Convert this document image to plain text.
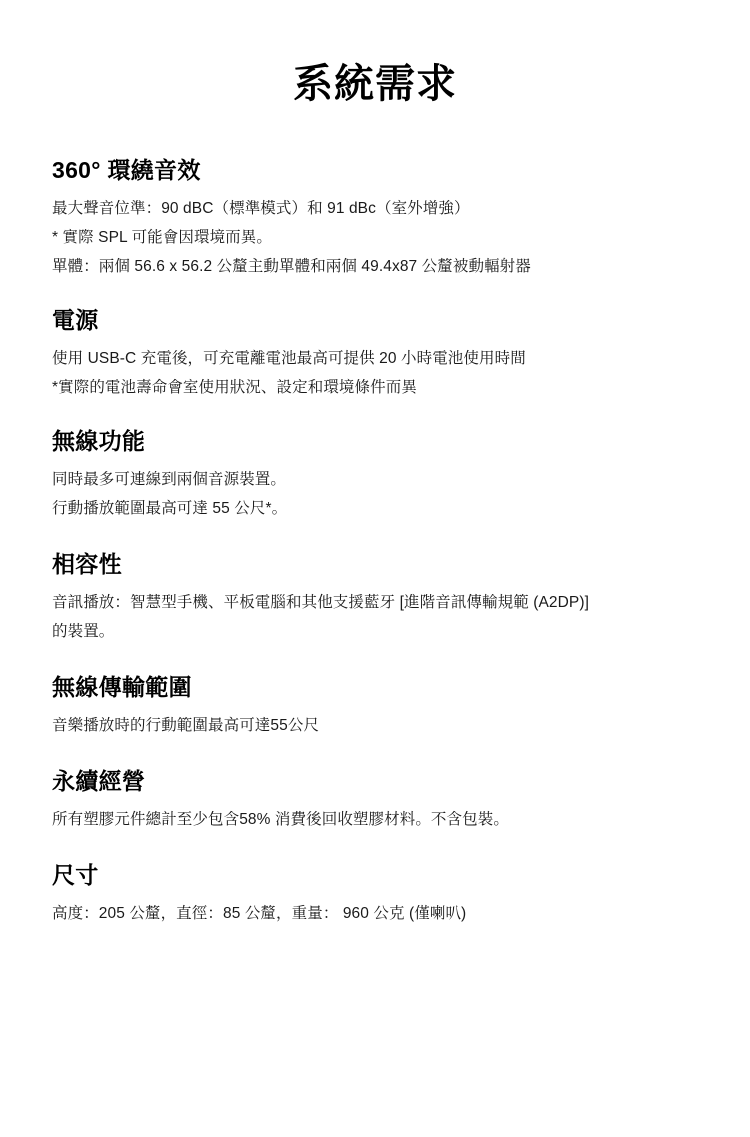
系統需求
360° 環繞音效

最大聲音位準：90 dBC（標準模式）和 91 dBc（室外增強）

* 實際 SPL 可能會因環境而異。

單體：兩個 56.6 x 56.2 公釐主動單體和兩個 49.4x87 公釐被動輻射器

電源

使用 USB-C 充電後，可充電離電池最高可提供 20 小時電池使用時間

*實際的電池壽命會室使用狀況、設定和環境條件而異

無線功能

同時最多可連線到兩個音源裝置。

行動播放範圍最高可達 55 公尺*。

相容性

音訊播放：智慧型手機、平板電腦和其他支援藍牙 [進階音訊傳輸規範 (A2DP)]

的裝置。

無線傳輸範圍

音樂播放時的行動範圍最高可達55公尺

永續經營

所有塑膠元件總計至少包含58% 消費後回收塑膠材料。不含包裝。

尺寸

高度：205 公釐，直徑：85 公釐，重量： 960 公克 (僅喇叭)
